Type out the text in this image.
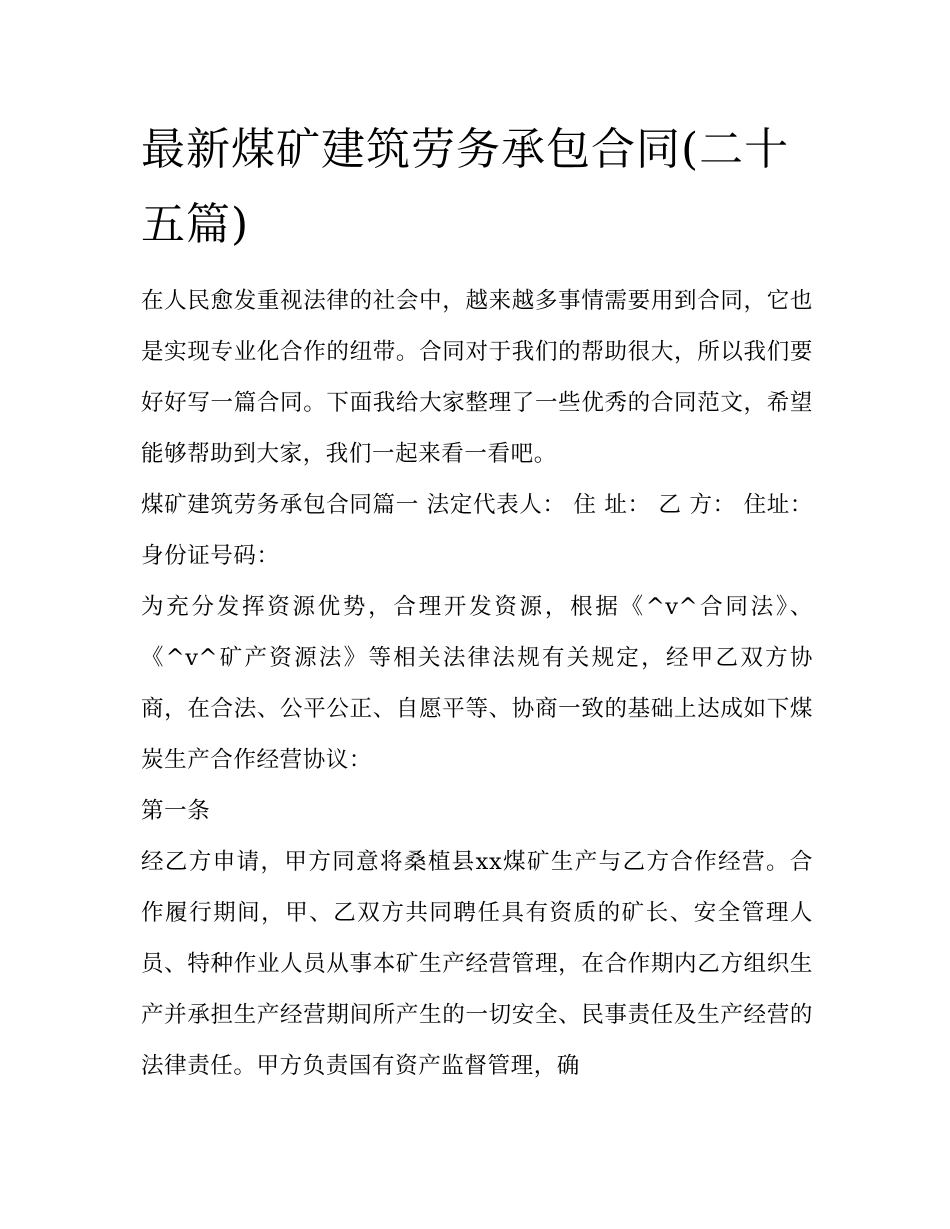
最新煤矿建筑劳务承包合同(二十五篇)

在人民愈发重视法律的社会中，越来越多事情需要用到合同，它也是实现专业化合作的纽带。合同对于我们的帮助很大，所以我们要好好写一篇合同。下面我给大家整理了一些优秀的合同范文，希望能够帮助到大家，我们一起来看一看吧。

煤矿建筑劳务承包合同篇一 法定代表人： 住 址： 乙 方： 住址： 身份证号码：

为充分发挥资源优势，合理开发资源，根据《^v^合同法》、《^v^矿产资源法》等相关法律法规有关规定，经甲乙双方协商，在合法、公平公正、自愿平等、协商一致的基础上达成如下煤炭生产合作经营协议：

第一条

经乙方申请，甲方同意将桑植县xx煤矿生产与乙方合作经营。合作履行期间，甲、乙双方共同聘任具有资质的矿长、安全管理人员、特种作业人员从事本矿生产经营管理，在合作期内乙方组织生产并承担生产经营期间所产生的一切安全、民事责任及生产经营的法律责任。甲方负责国有资产监督管理，确
